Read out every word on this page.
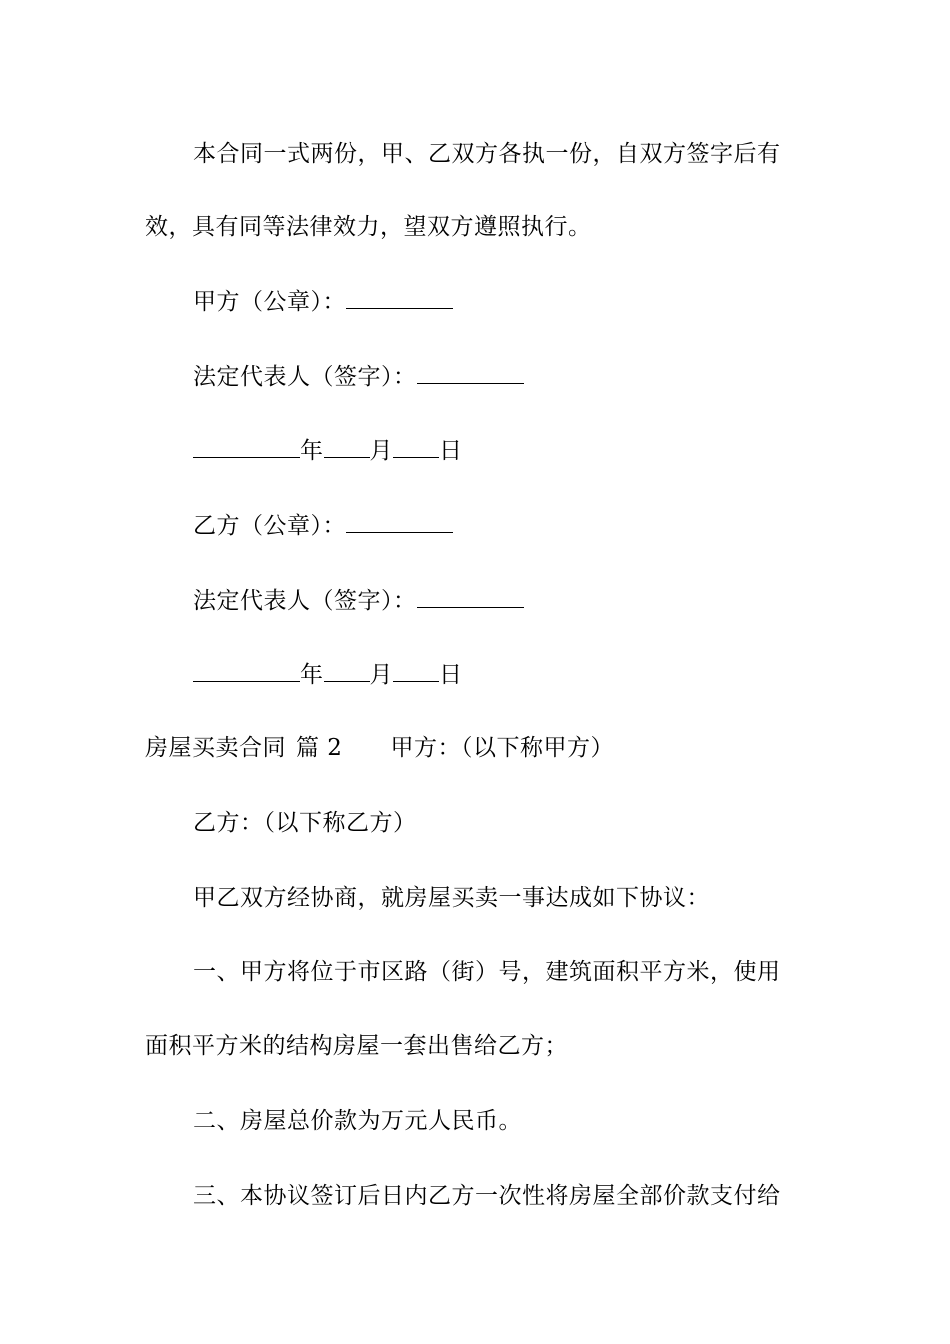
本合同一式两份，甲、乙双方各执一份，自双方签字后有
效，具有同等法律效力，望双方遵照执行。
甲方（公章）：
法定代表人（签字）：
年 月 日
乙方（公章）：
法定代表人（签字）：
年 月 日
房屋买卖合同 篇 2 甲方：（以下称甲方）
乙方：（以下称乙方）
甲乙双方经协商，就房屋买卖一事达成如下协议：
一、甲方将位于市区路（街）号，建筑面积平方米，使用
面积平方米的结构房屋一套出售给乙方；
二、房屋总价款为万元人民币。
三、本协议签订后日内乙方一次性将房屋全部价款支付给
